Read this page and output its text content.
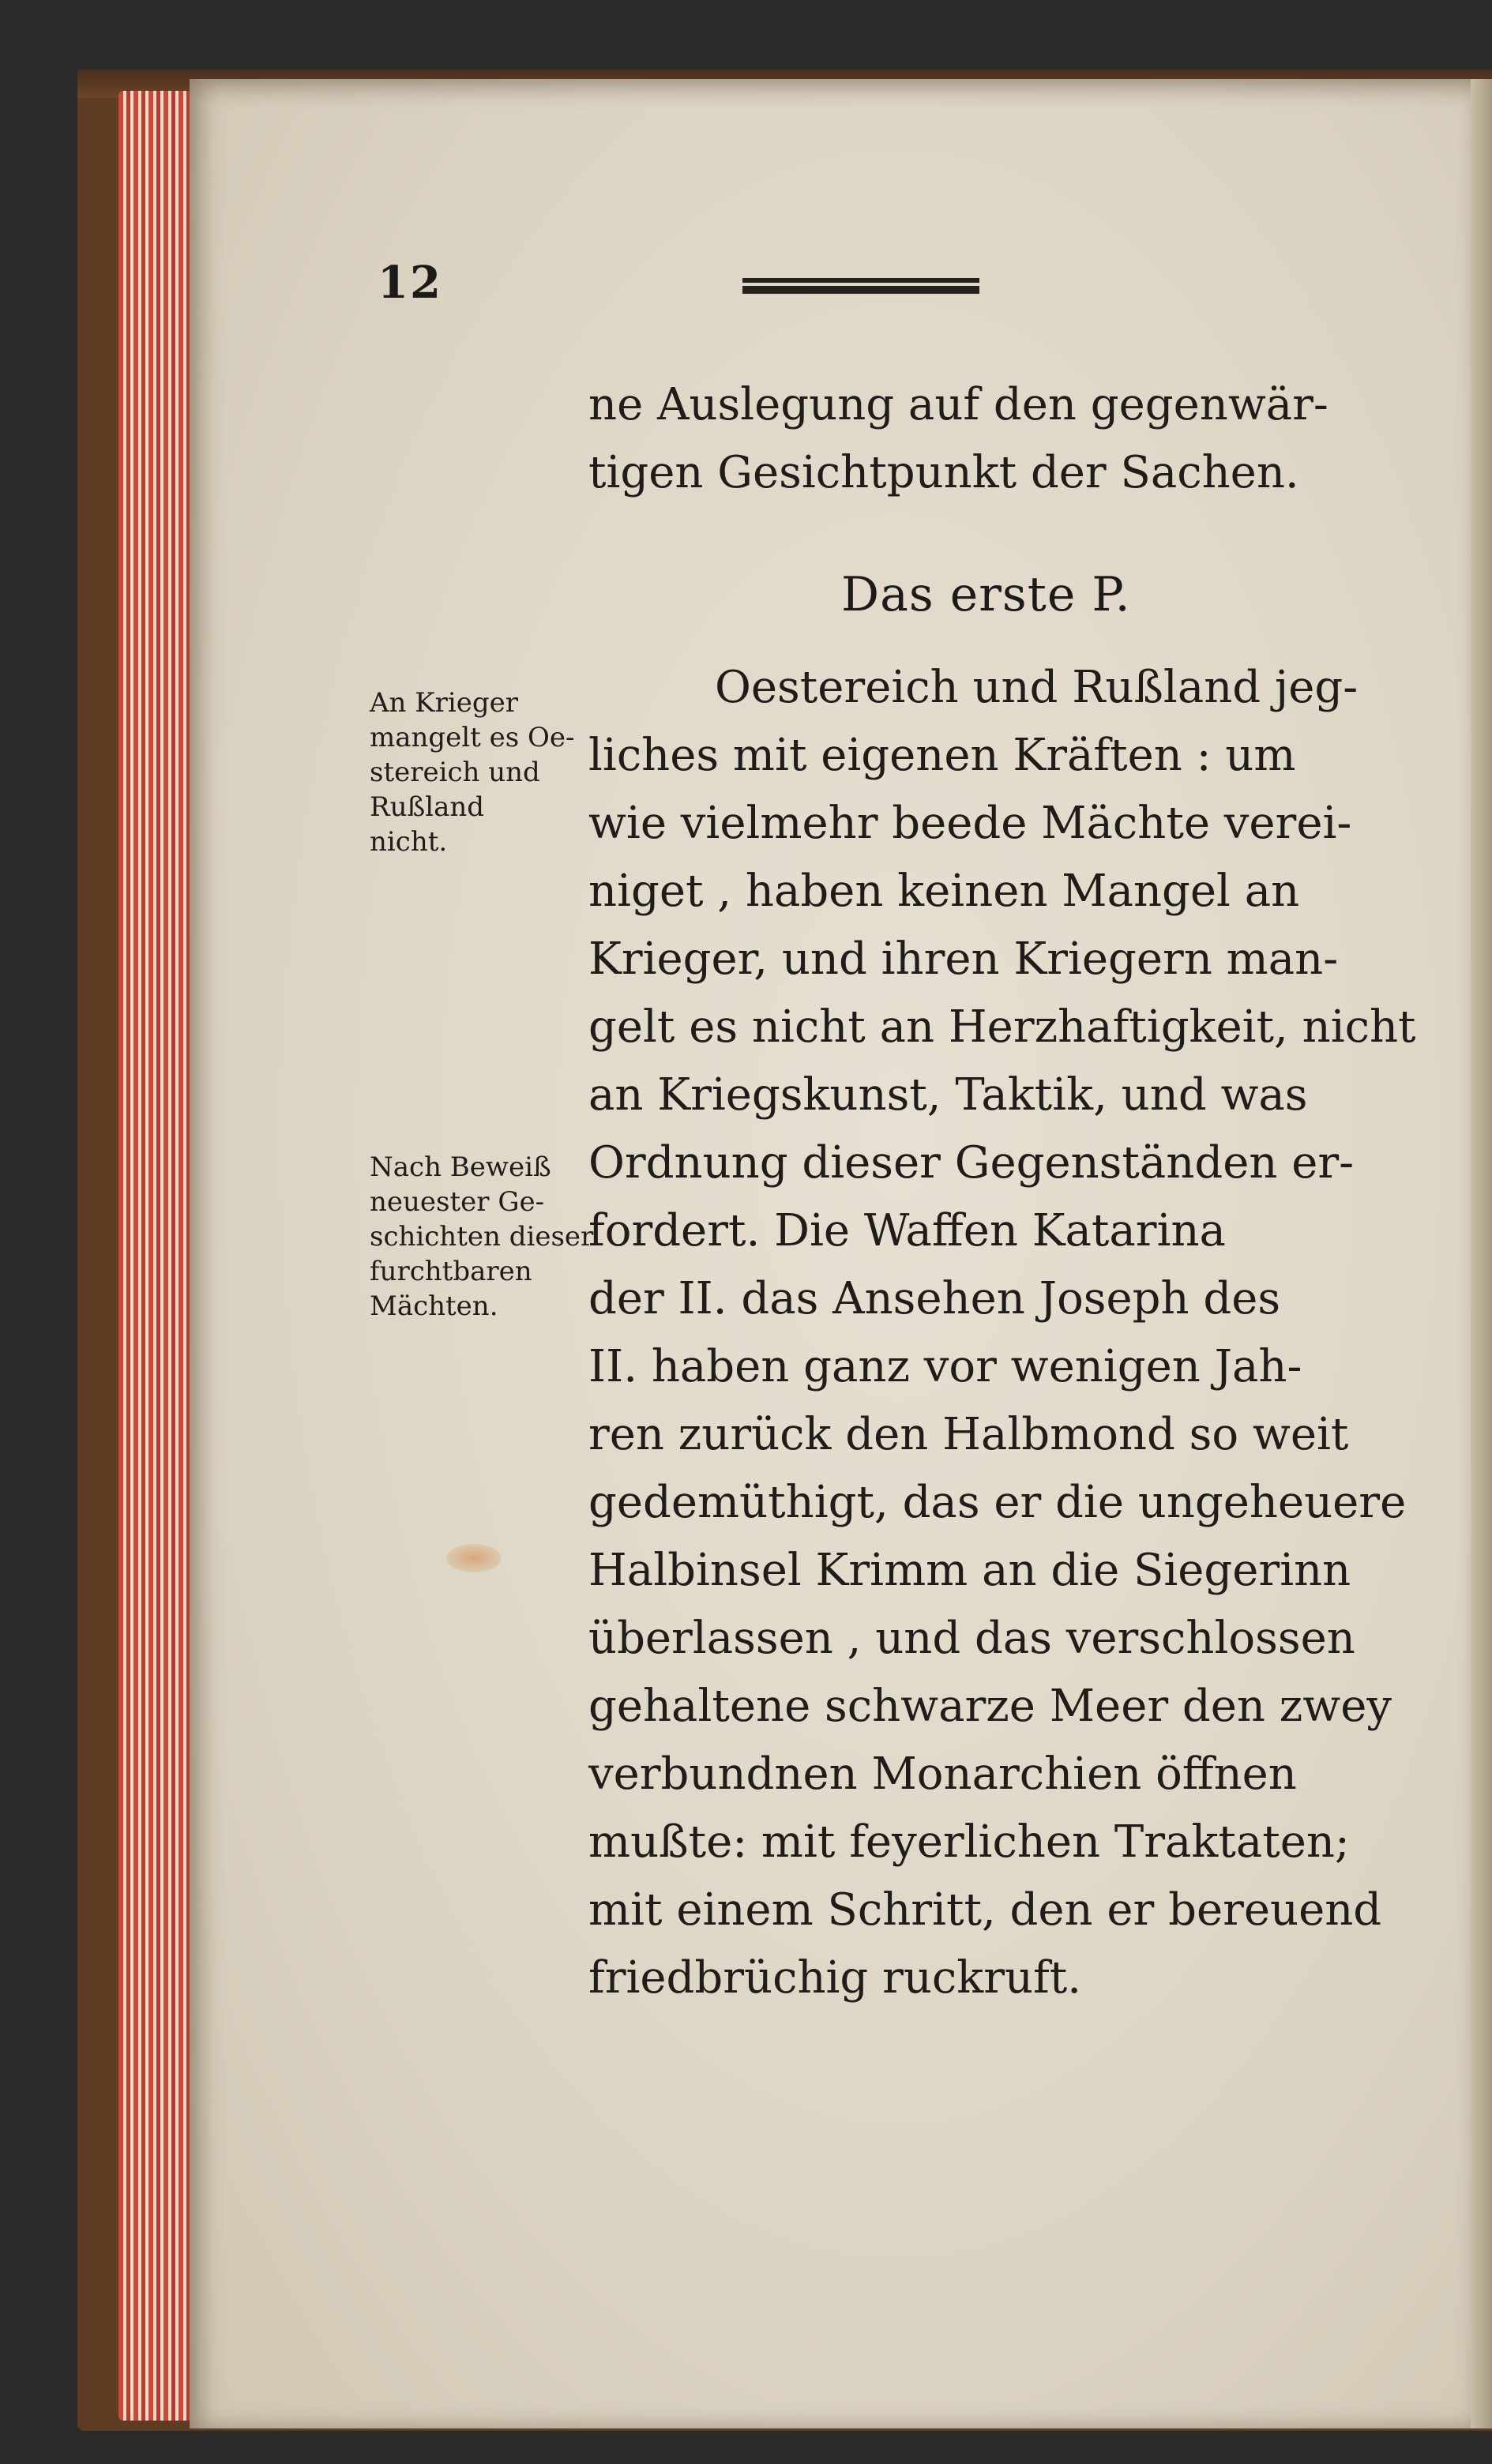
12
Das erste P.
ne Auslegung auf den gegenwär-
tigen Gesichtpunkt der Sachen.
Oestereich und Rußland jeg-
liches mit eigenen Kräften : um
wie vielmehr beede Mächte verei-
niget , haben keinen Mangel an
Krieger, und ihren Kriegern man-
gelt es nicht an Herzhaftigkeit, nicht
an Kriegskunst, Taktik, und was
Ordnung dieser Gegenständen er-
fordert. Die Waffen Katarina
der II. das Ansehen Joseph des
II. haben ganz vor wenigen Jah-
ren zurück den Halbmond so weit
gedemüthigt, das er die ungeheuere
Halbinsel Krimm an die Siegerinn
überlassen , und das verschlossen
gehaltene schwarze Meer den zwey
verbundnen Monarchien öffnen
mußte: mit feyerlichen Traktaten;
mit einem Schritt, den er bereuend
friedbrüchig ruckruft.
An Krieger
mangelt es Oe-
stereich und
Rußland
nicht.
Nach Beweiß
neuester Ge-
schichten dieser
furchtbaren
Mächten.
